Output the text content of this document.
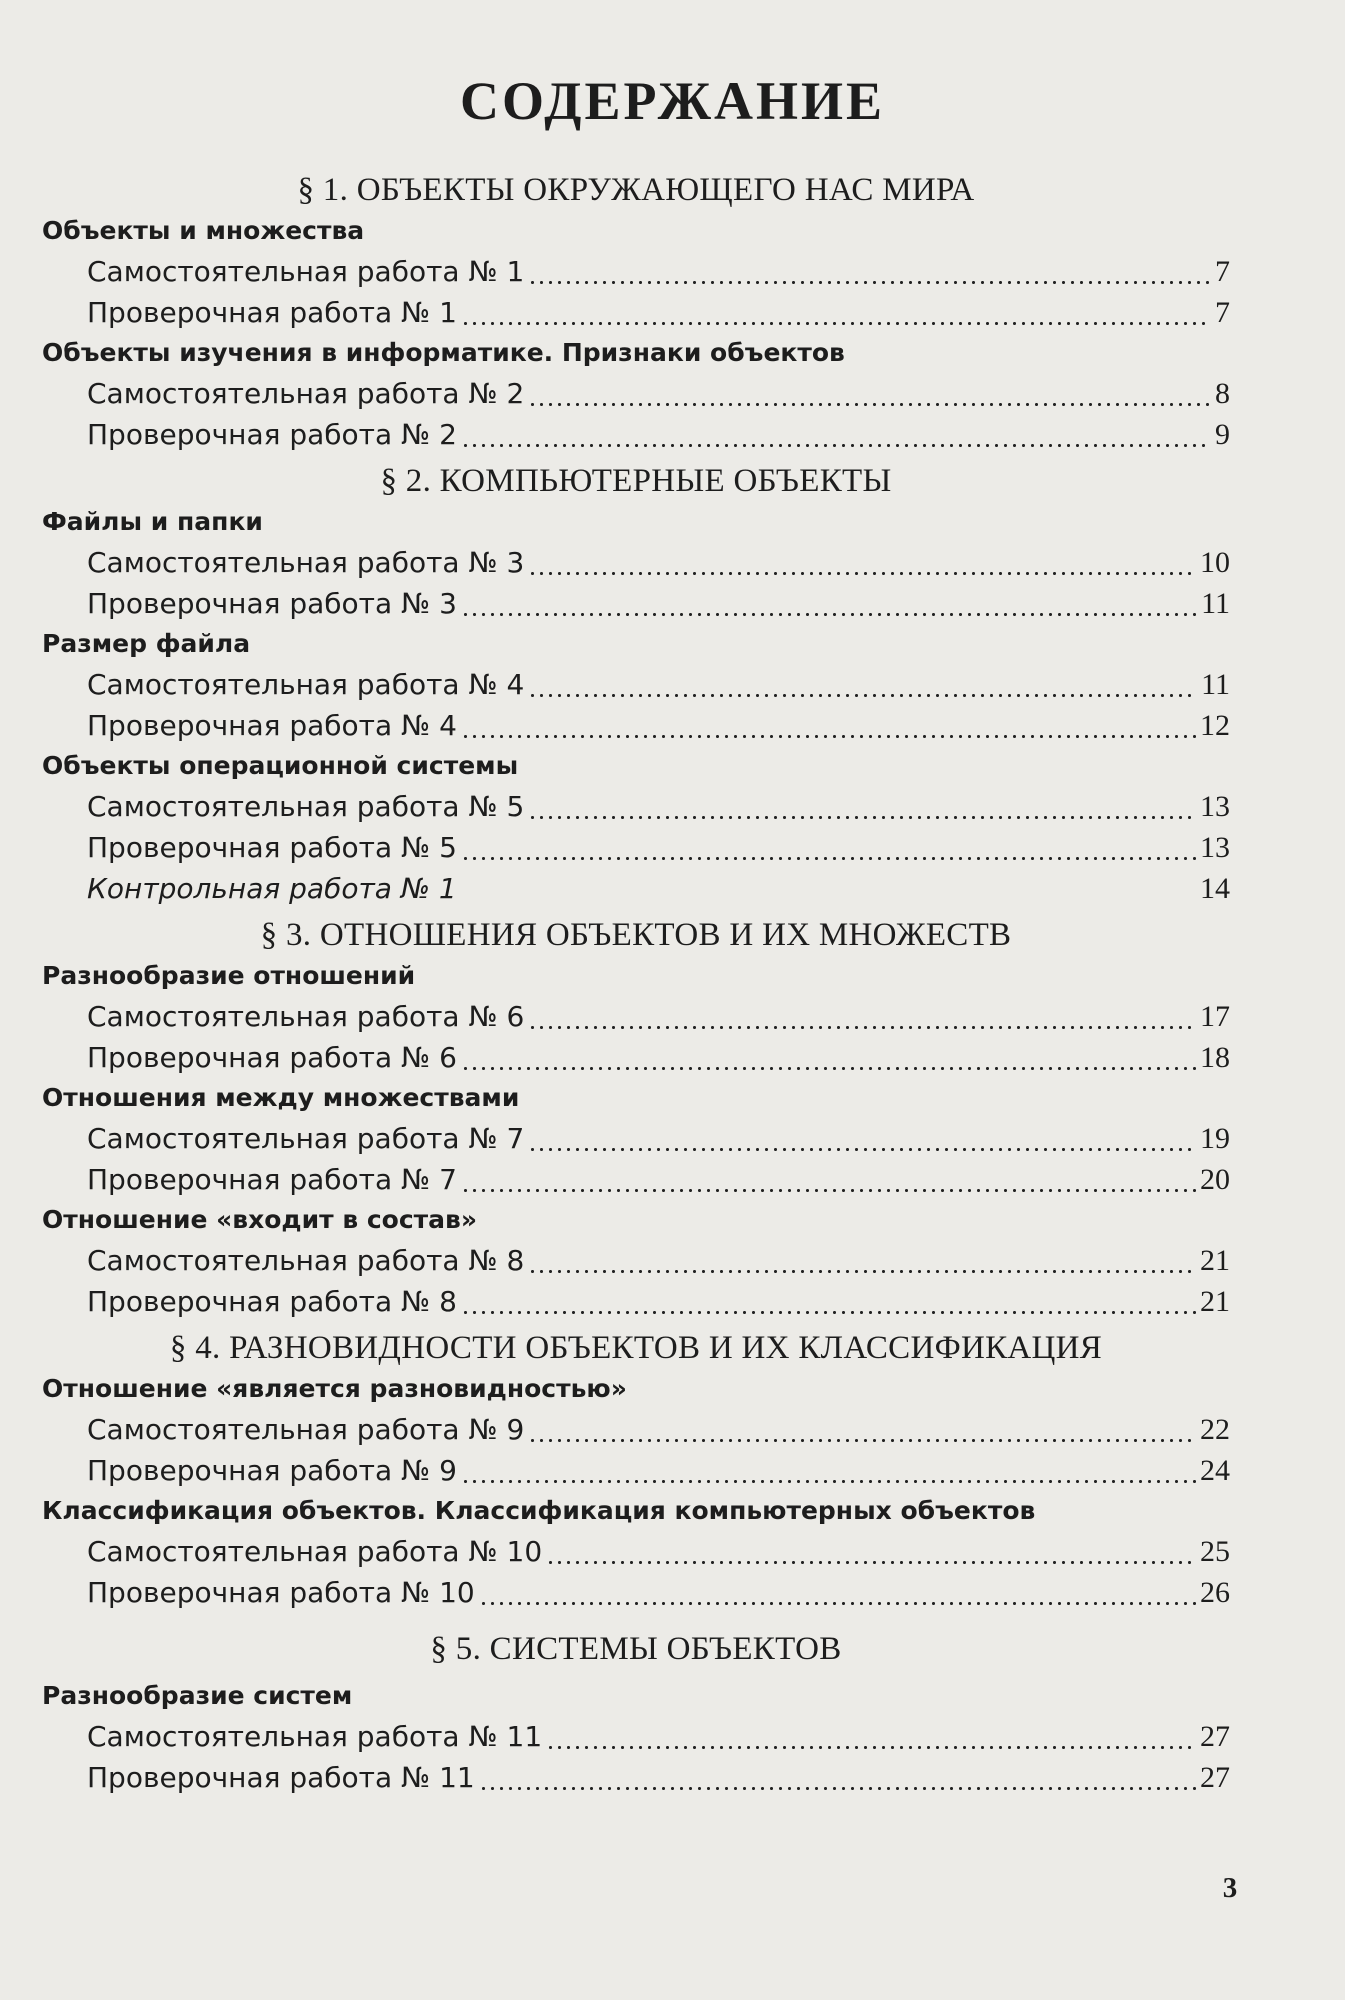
СОДЕРЖАНИЕ
§ 1. ОБЪЕКТЫ ОКРУЖАЮЩЕГО НАС МИРА
Объекты и множества
Самостоятельная работа № 1	7
Проверочная работа № 1	7
Объекты изучения в информатике. Признаки объектов
Самостоятельная работа № 2	8
Проверочная работа № 2	9
§ 2. КОМПЬЮТЕРНЫЕ ОБЪЕКТЫ
Файлы и папки
Самостоятельная работа № 3	10
Проверочная работа № 3	11
Размер файла
Самостоятельная работа № 4	11
Проверочная работа № 4	12
Объекты операционной системы
Самостоятельная работа № 5	13
Проверочная работа № 5	13
Контрольная работа № 1	14
§ 3. ОТНОШЕНИЯ ОБЪЕКТОВ И ИХ МНОЖЕСТВ
Разнообразие отношений
Самостоятельная работа № 6	17
Проверочная работа № 6	18
Отношения между множествами
Самостоятельная работа № 7	19
Проверочная работа № 7	20
Отношение «входит в состав»
Самостоятельная работа № 8	21
Проверочная работа № 8	21
§ 4. РАЗНОВИДНОСТИ ОБЪЕКТОВ И ИХ КЛАССИФИКАЦИЯ
Отношение «является разновидностью»
Самостоятельная работа № 9	22
Проверочная работа № 9	24
Классификация объектов. Классификация компьютерных объектов
Самостоятельная работа № 10	25
Проверочная работа № 10	26
§ 5. СИСТЕМЫ ОБЪЕКТОВ
Разнообразие систем
Самостоятельная работа № 11	27
Проверочная работа № 11	27
3
